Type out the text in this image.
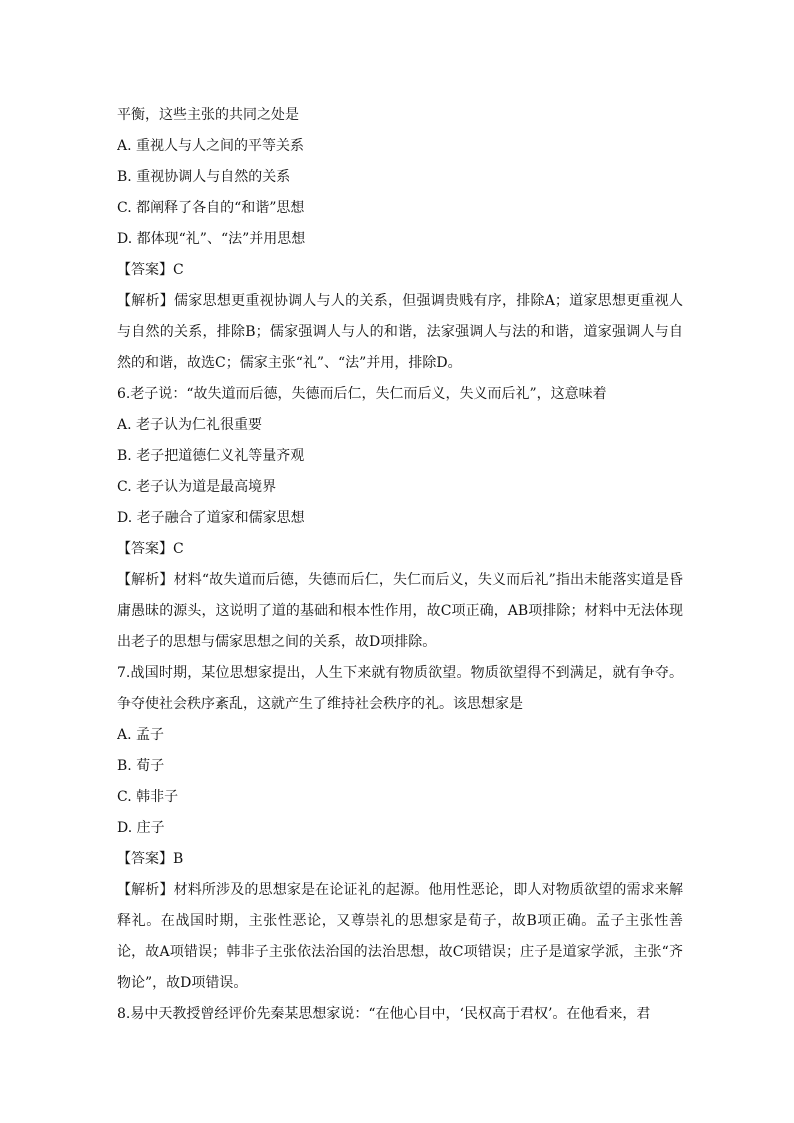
平衡，这些主张的共同之处是
A. 重视人与人之间的平等关系
B. 重视协调人与自然的关系
C. 都阐释了各自的“和谐”思想
D. 都体现“礼”、“法”并用思想
【答案】C
【解析】儒家思想更重视协调人与人的关系，但强调贵贱有序，排除A；道家思想更重视人与自然的关系，排除B；儒家强调人与人的和谐，法家强调人与法的和谐，道家强调人与自然的和谐，故选C；儒家主张“礼”、“法”并用，排除D。
6.老子说：“故失道而后德，失德而后仁，失仁而后义，失义而后礼”，这意味着
A. 老子认为仁礼很重要
B. 老子把道德仁义礼等量齐观
C. 老子认为道是最高境界
D. 老子融合了道家和儒家思想
【答案】C
【解析】材料“故失道而后德，失德而后仁，失仁而后义，失义而后礼”指出未能落实道是昏庸愚昧的源头，这说明了道的基础和根本性作用，故C项正确，AB项排除；材料中无法体现出老子的思想与儒家思想之间的关系，故D项排除。
7.战国时期，某位思想家提出，人生下来就有物质欲望。物质欲望得不到满足，就有争夺。争夺使社会秩序紊乱，这就产生了维持社会秩序的礼。该思想家是
A. 孟子
B. 荀子
C. 韩非子
D. 庄子
【答案】B
【解析】材料所涉及的思想家是在论证礼的起源。他用性恶论，即人对物质欲望的需求来解释礼。在战国时期，主张性恶论，又尊崇礼的思想家是荀子，故B项正确。孟子主张性善论，故A项错误；韩非子主张依法治国的法治思想，故C项错误；庄子是道家学派，主张“齐物论”，故D项错误。
8.易中天教授曾经评价先秦某思想家说：“在他心目中，‘民权高于君权’。在他看来，君
